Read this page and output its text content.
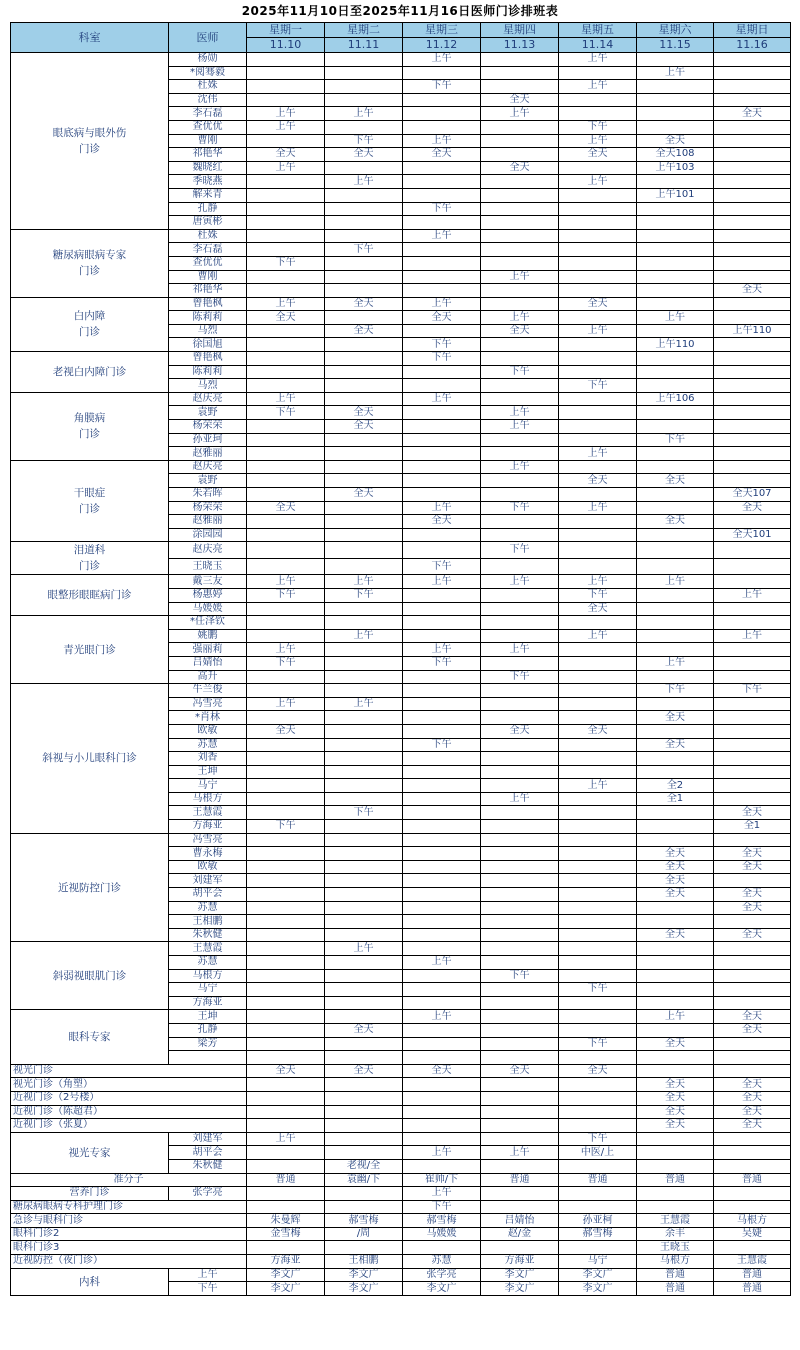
2025年11月10日至2025年11月16日医师门诊排班表
科室	医师	星期一	星期二	星期三	星期四	星期五	星期六	星期日
		11.10	11.11	11.12	11.13	11.14	11.15	11.16
眼底病与眼外伤
门诊	杨勋			上午		上午		
	*阅骞毅						上午	
	杜姝			下午		上午		
	沈伟				全天			
	李石磊	上午	上午		上午			全天
	查优优	上午				下午		
	曹刚		下午	上午		上午	全天	
	祁艳华	全天	全天	全天		全天	全天108	
	魏晓红	上午			全天		上午103	
	季晓燕		上午			上午		
	解来青						上午101	
	孔静			下午				
	唐寅彬							
糖尿病眼病专家
门诊	杜姝			上午				
	李石磊		下午					
	查优优	下午						
	曹刚				上午			
	祁艳华							全天
白内障
门诊	曾艳枫	上午	全天	上午		全天		
	陈莉莉	全天		全天	上午		上午	
	马烈		全天		全天	上午		上午110
	徐国旭			下午			上午110	
老视白内障门诊	曾艳枫			下午				
	陈莉莉				下午			
	马烈					下午		
角膜病
门诊	赵庆亮	上午		上午			上午106	
	袁野	下午	全天		上午			
	杨荣荣		全天		上午			
	孙亚珂						下午	
	赵雅丽					上午		
干眼症
门诊	赵庆亮				上午			
	袁野					全天	全天	
	朱若晖		全天					全天107
	杨荣荣	全天		上午	下午	上午		全天
	赵雅丽			全天			全天	
	涂园园							全天101
泪道科
门诊	赵庆亮				下午			
	王晓玉			下午				
眼整形眼眶病门诊	戴三友	上午	上午	上午	上午	上午	上午	
	杨惠婷	下午	下午			下午		上午
	马媛媛					全天		
青光眼门诊	*任泽钦							
	姚鹏		上午			上午		上午
	强丽莉	上午		上午	上午			
	吕婧怡	下午		下午			上午	
	高升				下午			
斜视与小儿眼科门诊	牛兰俊						下午	下午
	冯雪亮	上午	上午					
	*肖林						全天	
	欧敏	全天			全天	全天		
	苏慧			下午			全天	
	刘香							
	王坤							
	马宁					上午	全2	
	马根方				上午		全1	
	王慧霞		下午					全天
	方海亚	下午						全1
近视防控门诊	冯雪亮							
	曹永梅						全天	全天
	欧敏						全天	全天
	刘建军						全天	
	胡平会						全天	全天
	苏慧							全天
	王相鹏							
	朱秋健						全天	全天
斜弱视眼肌门诊	王慧霞		上午					
	苏慧			上午				
	马根方				下午			
	马宁					下午		
	方海亚							
眼科专家	王坤			上午			上午	全天
	孔静		全天					全天
	梁芳					下午	全天	

视光门诊		全天	全天	全天	全天	全天		
视光门诊（角塑）							全天	全天
近视门诊（2号楼）							全天	全天
近视门诊（陈超君）							全天	全天
近视门诊（张夏）							全天	全天
视光专家	刘建军	上午				下午		
	胡平会			上午	上午	中医/上		
	朱秋健		老视/全					
准分子		普通	袁幽/下	崔帅/下	普通	普通	普通	普通
营养门诊	张学亮			上午				
糖尿病眼病专科护理门诊				下午				
急诊与眼科门诊		朱曼辉	郝雪梅	郝雪梅	吕婧怡	孙亚柯	王慧霞	马根方
眼科门诊2		金雪梅	/周	马媛媛	赵/金	郝雪梅	余丰	吴婕
眼科门诊3							王晓玉	
近视防控（夜门诊）		方海亚	王相鹏	苏慧	方海亚	马宁	马根方	王慧霞
内科	上午	李文广	李文广	张学亮	李文广	李文广	普通	普通
	下午	李文广	李文广	李文广	李文广	李文广	普通	普通
